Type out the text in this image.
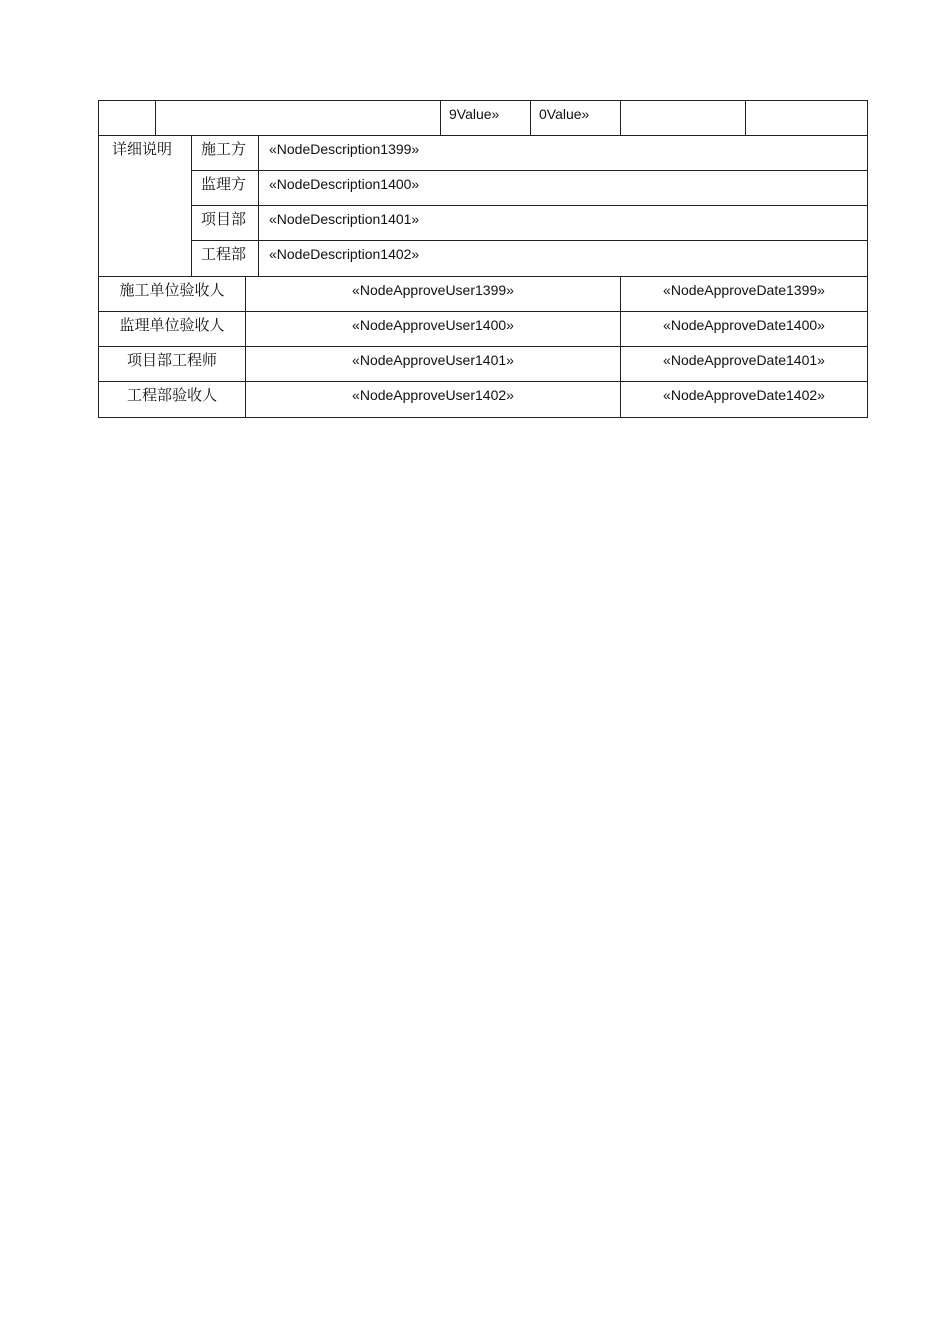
9Value»	0Value»
详细说明 施工方 «NodeDescription1399»
监理方 «NodeDescription1400»
项目部 «NodeDescription1401»
工程部 «NodeDescription1402»
施工单位验收人	«NodeApproveUser1399»	«NodeApproveDate1399»
监理单位验收人	«NodeApproveUser1400»	«NodeApproveDate1400»
项目部工程师	«NodeApproveUser1401»	«NodeApproveDate1401»
工程部验收人	«NodeApproveUser1402»	«NodeApproveDate1402»
